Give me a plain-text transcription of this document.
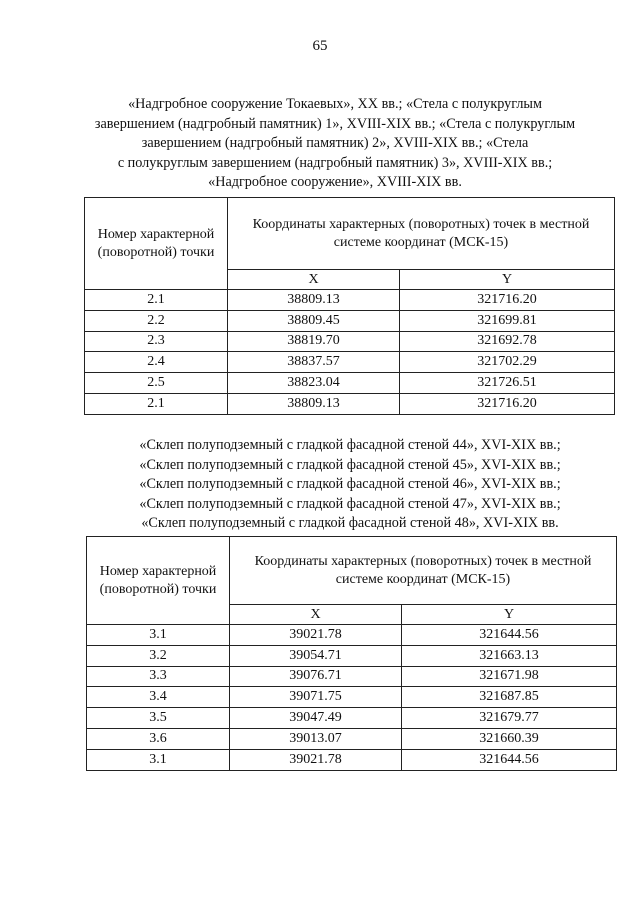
65
«Надгробное сооружение Токаевых», XX вв.; «Стела с полукруглым
завершением (надгробный памятник) 1», XVIII-XIX вв.; «Стела с полукруглым
завершением (надгробный памятник) 2», XVIII-XIX вв.; «Стела
с полукруглым завершением (надгробный памятник) 3», XVIII-XIX вв.;
«Надгробное сооружение», XVIII-XIX вв.
Номер характерной (поворотной) точки	Координаты характерных (поворотных) точек в местной системе координат (МСК-15)	
	X	Y
2.1	38809.13	321716.20
2.2	38809.45	321699.81
2.3	38819.70	321692.78
2.4	38837.57	321702.29
2.5	38823.04	321726.51
2.1	38809.13	321716.20
«Склеп полуподземный с гладкой фасадной стеной 44», XVI-XIX вв.;
«Склеп полуподземный с гладкой фасадной стеной 45», XVI-XIX вв.;
«Склеп полуподземный с гладкой фасадной стеной 46», XVI-XIX вв.;
«Склеп полуподземный с гладкой фасадной стеной 47», XVI-XIX вв.;
«Склеп полуподземный с гладкой фасадной стеной 48», XVI-XIX вв.
Номер характерной (поворотной) точки	Координаты характерных (поворотных) точек в местной системе координат (МСК-15)	
	X	Y
3.1	39021.78	321644.56
3.2	39054.71	321663.13
3.3	39076.71	321671.98
3.4	39071.75	321687.85
3.5	39047.49	321679.77
3.6	39013.07	321660.39
3.1	39021.78	321644.56
